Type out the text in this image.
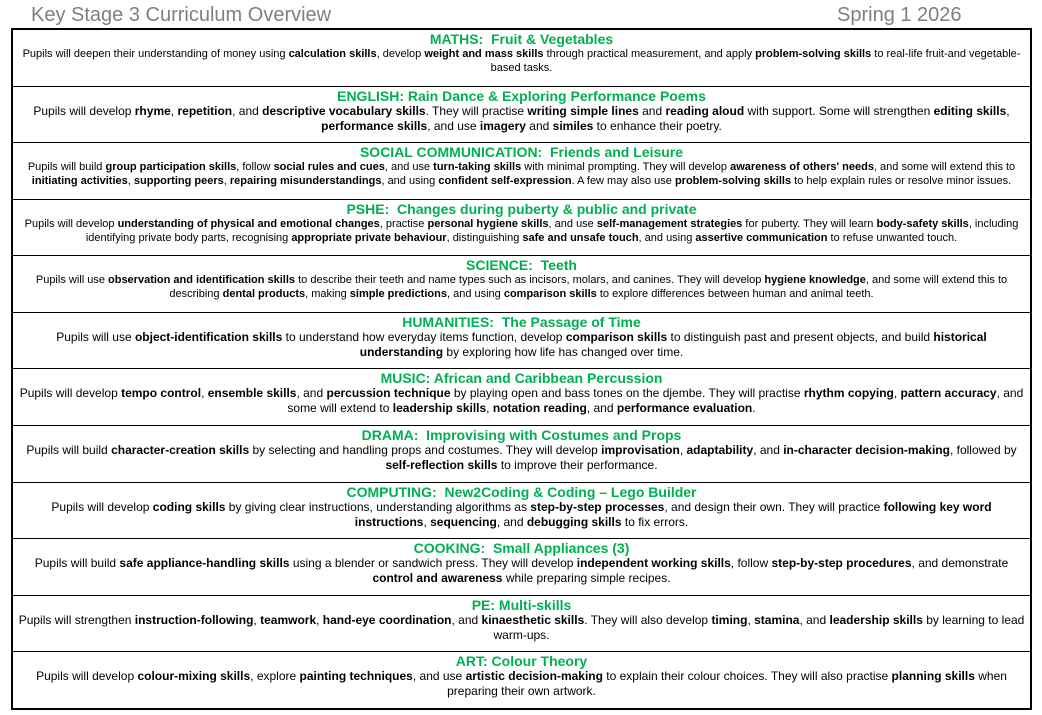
Key Stage 3 Curriculum Overview	Spring 1 2026
MATHS:  Fruit & Vegetables
Pupils will deepen their understanding of money using calculation skills, develop weight and mass skills through practical measurement, and apply problem-solving skills to real-life fruit-and vegetable-based tasks.
ENGLISH: Rain Dance & Exploring Performance Poems
Pupils will develop rhyme, repetition, and descriptive vocabulary skills. They will practise writing simple lines and reading aloud with support. Some will strengthen editing skills, performance skills, and use imagery and similes to enhance their poetry.
SOCIAL COMMUNICATION:  Friends and Leisure
Pupils will build group participation skills, follow social rules and cues, and use turn-taking skills with minimal prompting. They will develop awareness of others' needs, and some will extend this to initiating activities, supporting peers, repairing misunderstandings, and using confident self-expression. A few may also use problem-solving skills to help explain rules or resolve minor issues.
PSHE:  Changes during puberty & public and private
Pupils will develop understanding of physical and emotional changes, practise personal hygiene skills, and use self-management strategies for puberty. They will learn body-safety skills, including identifying private body parts, recognising appropriate private behaviour, distinguishing safe and unsafe touch, and using assertive communication to refuse unwanted touch.
SCIENCE:  Teeth
Pupils will use observation and identification skills to describe their teeth and name types such as incisors, molars, and canines. They will develop hygiene knowledge, and some will extend this to describing dental products, making simple predictions, and using comparison skills to explore differences between human and animal teeth.
HUMANITIES:  The Passage of Time
Pupils will use object-identification skills to understand how everyday items function, develop comparison skills to distinguish past and present objects, and build historical understanding by exploring how life has changed over time.
MUSIC: African and Caribbean Percussion
Pupils will develop tempo control, ensemble skills, and percussion technique by playing open and bass tones on the djembe. They will practise rhythm copying, pattern accuracy, and some will extend to leadership skills, notation reading, and performance evaluation.
DRAMA:  Improvising with Costumes and Props
Pupils will build character-creation skills by selecting and handling props and costumes. They will develop improvisation, adaptability, and in-character decision-making, followed by self-reflection skills to improve their performance.
COMPUTING:  New2Coding & Coding – Lego Builder
Pupils will develop coding skills by giving clear instructions, understanding algorithms as step-by-step processes, and design their own. They will practice following key word instructions, sequencing, and debugging skills to fix errors.
COOKING:  Small Appliances (3)
Pupils will build safe appliance-handling skills using a blender or sandwich press. They will develop independent working skills, follow step-by-step procedures, and demonstrate control and awareness while preparing simple recipes.
PE: Multi-skills
Pupils will strengthen instruction-following, teamwork, hand-eye coordination, and kinaesthetic skills. They will also develop timing, stamina, and leadership skills by learning to lead warm-ups.
ART: Colour Theory
Pupils will develop colour-mixing skills, explore painting techniques, and use artistic decision-making to explain their colour choices. They will also practise planning skills when preparing their own artwork.
